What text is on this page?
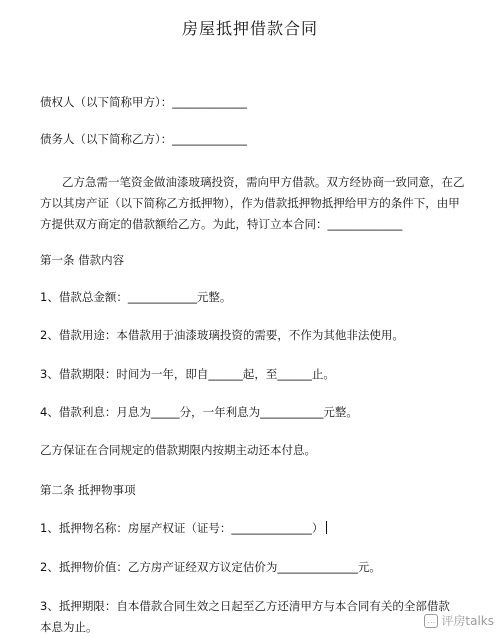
房屋抵押借款合同
债权人（以下简称甲方）：_____________
债务人（以下简称乙方）：_____________
乙方急需一笔资金做油漆玻璃投资，需向甲方借款。双方经协商一致同意，在乙方以其房产证（以下简称乙方抵押物），作为借款抵押物抵押给甲方的条件下，由甲方提供双方商定的借款额给乙方。为此，特订立本合同：_____________
第一条 借款内容
1、借款总金额：____________元整。
2、借款用途：本借款用于油漆玻璃投资的需要，不作为其他非法使用。
3、借款期限：时间为一年，即自______起，至______止。
4、借款利息：月息为_____分，一年利息为___________元整。
乙方保证在合同规定的借款期限内按期主动还本付息。
第二条 抵押物事项
1、抵押物名称：房屋产权证（证号：______________）
2、抵押物价值：乙方房产证经双方议定估价为______________元。
3、抵押期限：自本借款合同生效之日起至乙方还清甲方与本合同有关的全部借款本息为止。	… 评房talks
